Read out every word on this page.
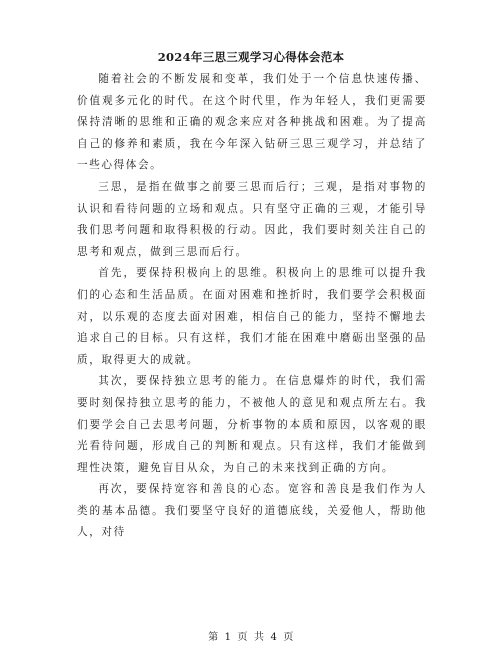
2024年三思三观学习心得体会范本

随着社会的不断发展和变革，我们处于一个信息快速传播、价值观多元化的时代。在这个时代里，作为年轻人，我们更需要保持清晰的思维和正确的观念来应对各种挑战和困难。为了提高自己的修养和素质，我在今年深入钻研三思三观学习，并总结了一些心得体会。

三思，是指在做事之前要三思而后行；三观，是指对事物的认识和看待问题的立场和观点。只有坚守正确的三观，才能引导我们思考问题和取得积极的行动。因此，我们要时刻关注自己的思考和观点，做到三思而后行。

首先，要保持积极向上的思维。积极向上的思维可以提升我们的心态和生活品质。在面对困难和挫折时，我们要学会积极面对，以乐观的态度去面对困难，相信自己的能力，坚持不懈地去追求自己的目标。只有这样，我们才能在困难中磨砺出坚强的品质，取得更大的成就。

其次，要保持独立思考的能力。在信息爆炸的时代，我们需要时刻保持独立思考的能力，不被他人的意见和观点所左右。我们要学会自己去思考问题，分析事物的本质和原因，以客观的眼光看待问题，形成自己的判断和观点。只有这样，我们才能做到理性决策，避免盲目从众，为自己的未来找到正确的方向。

再次，要保持宽容和善良的心态。宽容和善良是我们作为人类的基本品德。我们要坚守良好的道德底线，关爱他人，帮助他人，对待

第 1 页 共 4 页
